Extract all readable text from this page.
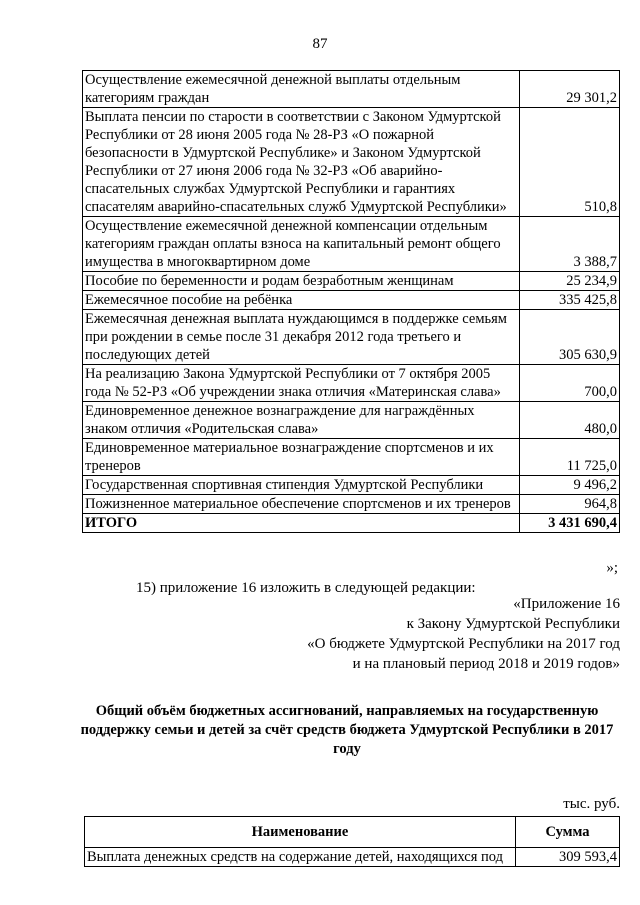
87
Осуществление ежемесячной денежной выплаты отдельным категориям граждан	29 301,2
Выплата пенсии по старости в соответствии с Законом Удмуртской Республики от 28 июня 2005 года № 28-РЗ «О пожарной безопасности в Удмуртской Республике» и Законом Удмуртской Республики от 27 июня 2006 года № 32-РЗ «Об аварийно-спасательных службах Удмуртской Республики и гарантиях спасателям аварийно-спасательных служб Удмуртской Республики»	510,8
Осуществление ежемесячной денежной компенсации отдельным категориям граждан оплаты взноса на капитальный ремонт общего имущества в многоквартирном доме	3 388,7
Пособие по беременности и родам безработным женщинам	25 234,9
Ежемесячное пособие на ребёнка	335 425,8
Ежемесячная денежная выплата нуждающимся в поддержке семьям при рождении в семье после 31 декабря 2012 года третьего и последующих детей	305 630,9
На реализацию Закона Удмуртской Республики от 7 октября 2005 года № 52-РЗ «Об учреждении знака отличия «Материнская слава»	700,0
Единовременное денежное вознаграждение для награждённых знаком отличия «Родительская слава»	480,0
Единовременное материальное вознаграждение спортсменов и их тренеров	11 725,0
Государственная спортивная стипендия Удмуртской Республики	9 496,2
Пожизненное материальное обеспечение спортсменов и их тренеров	964,8
ИТОГО	3 431 690,4
»;
15) приложение 16 изложить в следующей редакции:
«Приложение 16
к Закону Удмуртской Республики
«О бюджете Удмуртской Республики на 2017 год
и на плановый период 2018 и 2019 годов»
Общий объём бюджетных ассигнований, направляемых на государственную поддержку семьи и детей за счёт средств бюджета Удмуртской Республики в 2017 году
тыс. руб.
Наименование	Сумма
Выплата денежных средств на содержание детей, находящихся под	309 593,4
